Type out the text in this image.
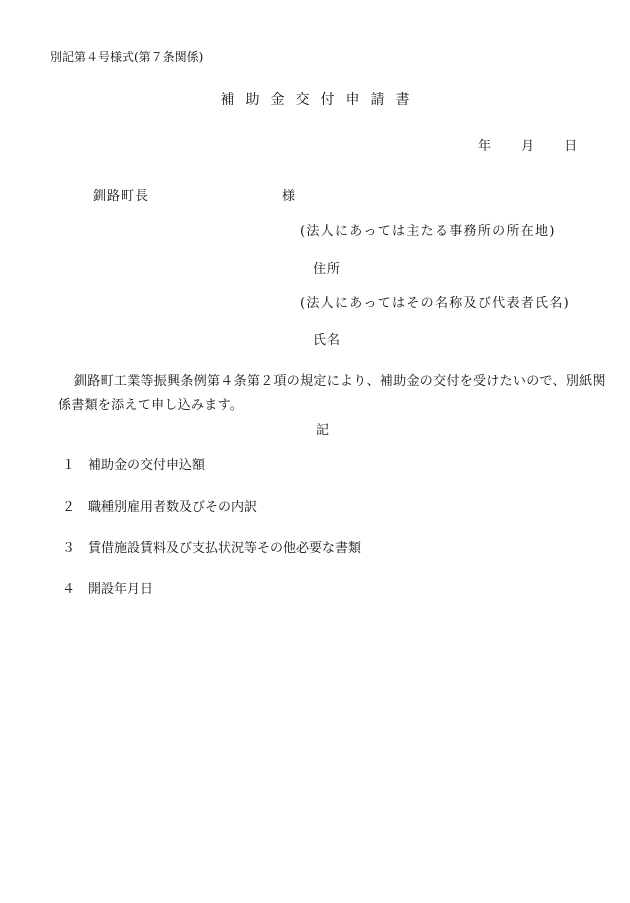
別記第４号様式(第７条関係)
補助金交付申請書
年 月 日
釧路町長	様
(法人にあっては主たる事務所の所在地)
住所
(法人にあってはその名称及び代表者氏名)
氏名
釧路町工業等振興条例第４条第２項の規定により、補助金の交付を受けたいので、別紙関係書類を添えて申し込みます。
記
１ 補助金の交付申込額
２ 職種別雇用者数及びその内訳
３ 賃借施設賃料及び支払状況等その他必要な書類
４ 開設年月日
